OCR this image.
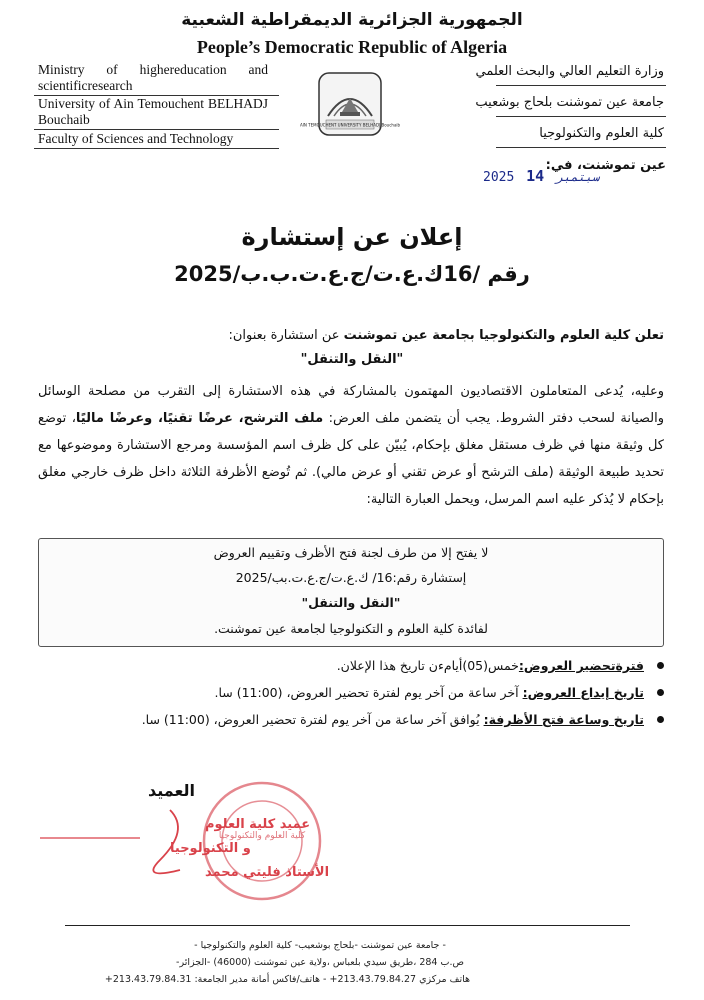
الجمهورية الجزائرية الديمقراطية الشعبية
People’s Democratic Republic of Algeria
Ministry of highereducation and scientificresearch
University of Ain Temouchent BELHADJ Bouchaib
Faculty of Sciences and Technology
وزارة التعليم العالي والبحث العلمي
جامعة عين تموشنت بلحاج بوشعيب
كلية العلوم والتكنولوجيا
AIN TEMOUCHENT UNIVERSITY BELHADJ Bouchaib
عين تموشنت، في:
2025	سبتمبر 14
إعلان عن إستشارة
رقم /16ك.ع.ت/ج.ع.ت.ب.ب/2025
تعلن كلية العلوم والتكنولوجيا بجامعة عين تموشنت عن استشارة بعنوان:
"النقل والتنقل"
وعليه، يُدعى المتعاملون الاقتصاديون المهتمون بالمشاركة في هذه الاستشارة إلى التقرب من مصلحة الوسائل والصيانة لسحب دفتر الشروط. يجب أن يتضمن ملف العرض: ملف الترشح، عرضًا تقنيًا، وعرضًا ماليًا، توضع كل وثيقة منها في ظرف مستقل مغلق بإحكام، يُبيّن على كل ظرف اسم المؤسسة ومرجع الاستشارة وموضوعها مع تحديد طبيعة الوثيقة (ملف الترشح أو عرض تقني أو عرض مالي). ثم تُوضع الأظرفة الثلاثة داخل ظرف خارجي مغلق بإحكام لا يُذكر عليه اسم المرسل، ويحمل العبارة التالية:
لا يفتح إلا من طرف لجنة فتح الأظرف وتقييم العروض
إستشارة رقم:16/ ك.ع.ت/ج.ع.ت.بب/2025
"النقل والتنقل"
لفائدة كلية العلوم و التكنولوجيا لجامعة عين تموشنت.
فترةتحضير العروض:خمس(05)أيامءن تاريخ هذا الإعلان.
تاريخ إيداع العروض: آخر ساعة من آخر يوم لفترة تحضير العروض، (11:00) سا.
تاريخ وساعة فتح الأظرفة: يُوافق آخر ساعة من آخر يوم لفترة تحضير العروض، (11:00) سا.
العميد
كلية العلوم والتكنولوجيا
عميد كلية العلوم
و التكنولوجيا
الأستاذ فليتي محمد
- جامعة عين تموشنت -بلحاج بوشعيب- كلية العلوم والتكنولوجيا -
ص.ب 284 ،طريق سيدي بلعباس ،ولاية عين تموشنت (46000) -الجزائر-
هاتف مركزي 213.43.79.84.27+ - هاتف/فاكس أمانة مدير الجامعة: 213.43.79.84.31+
